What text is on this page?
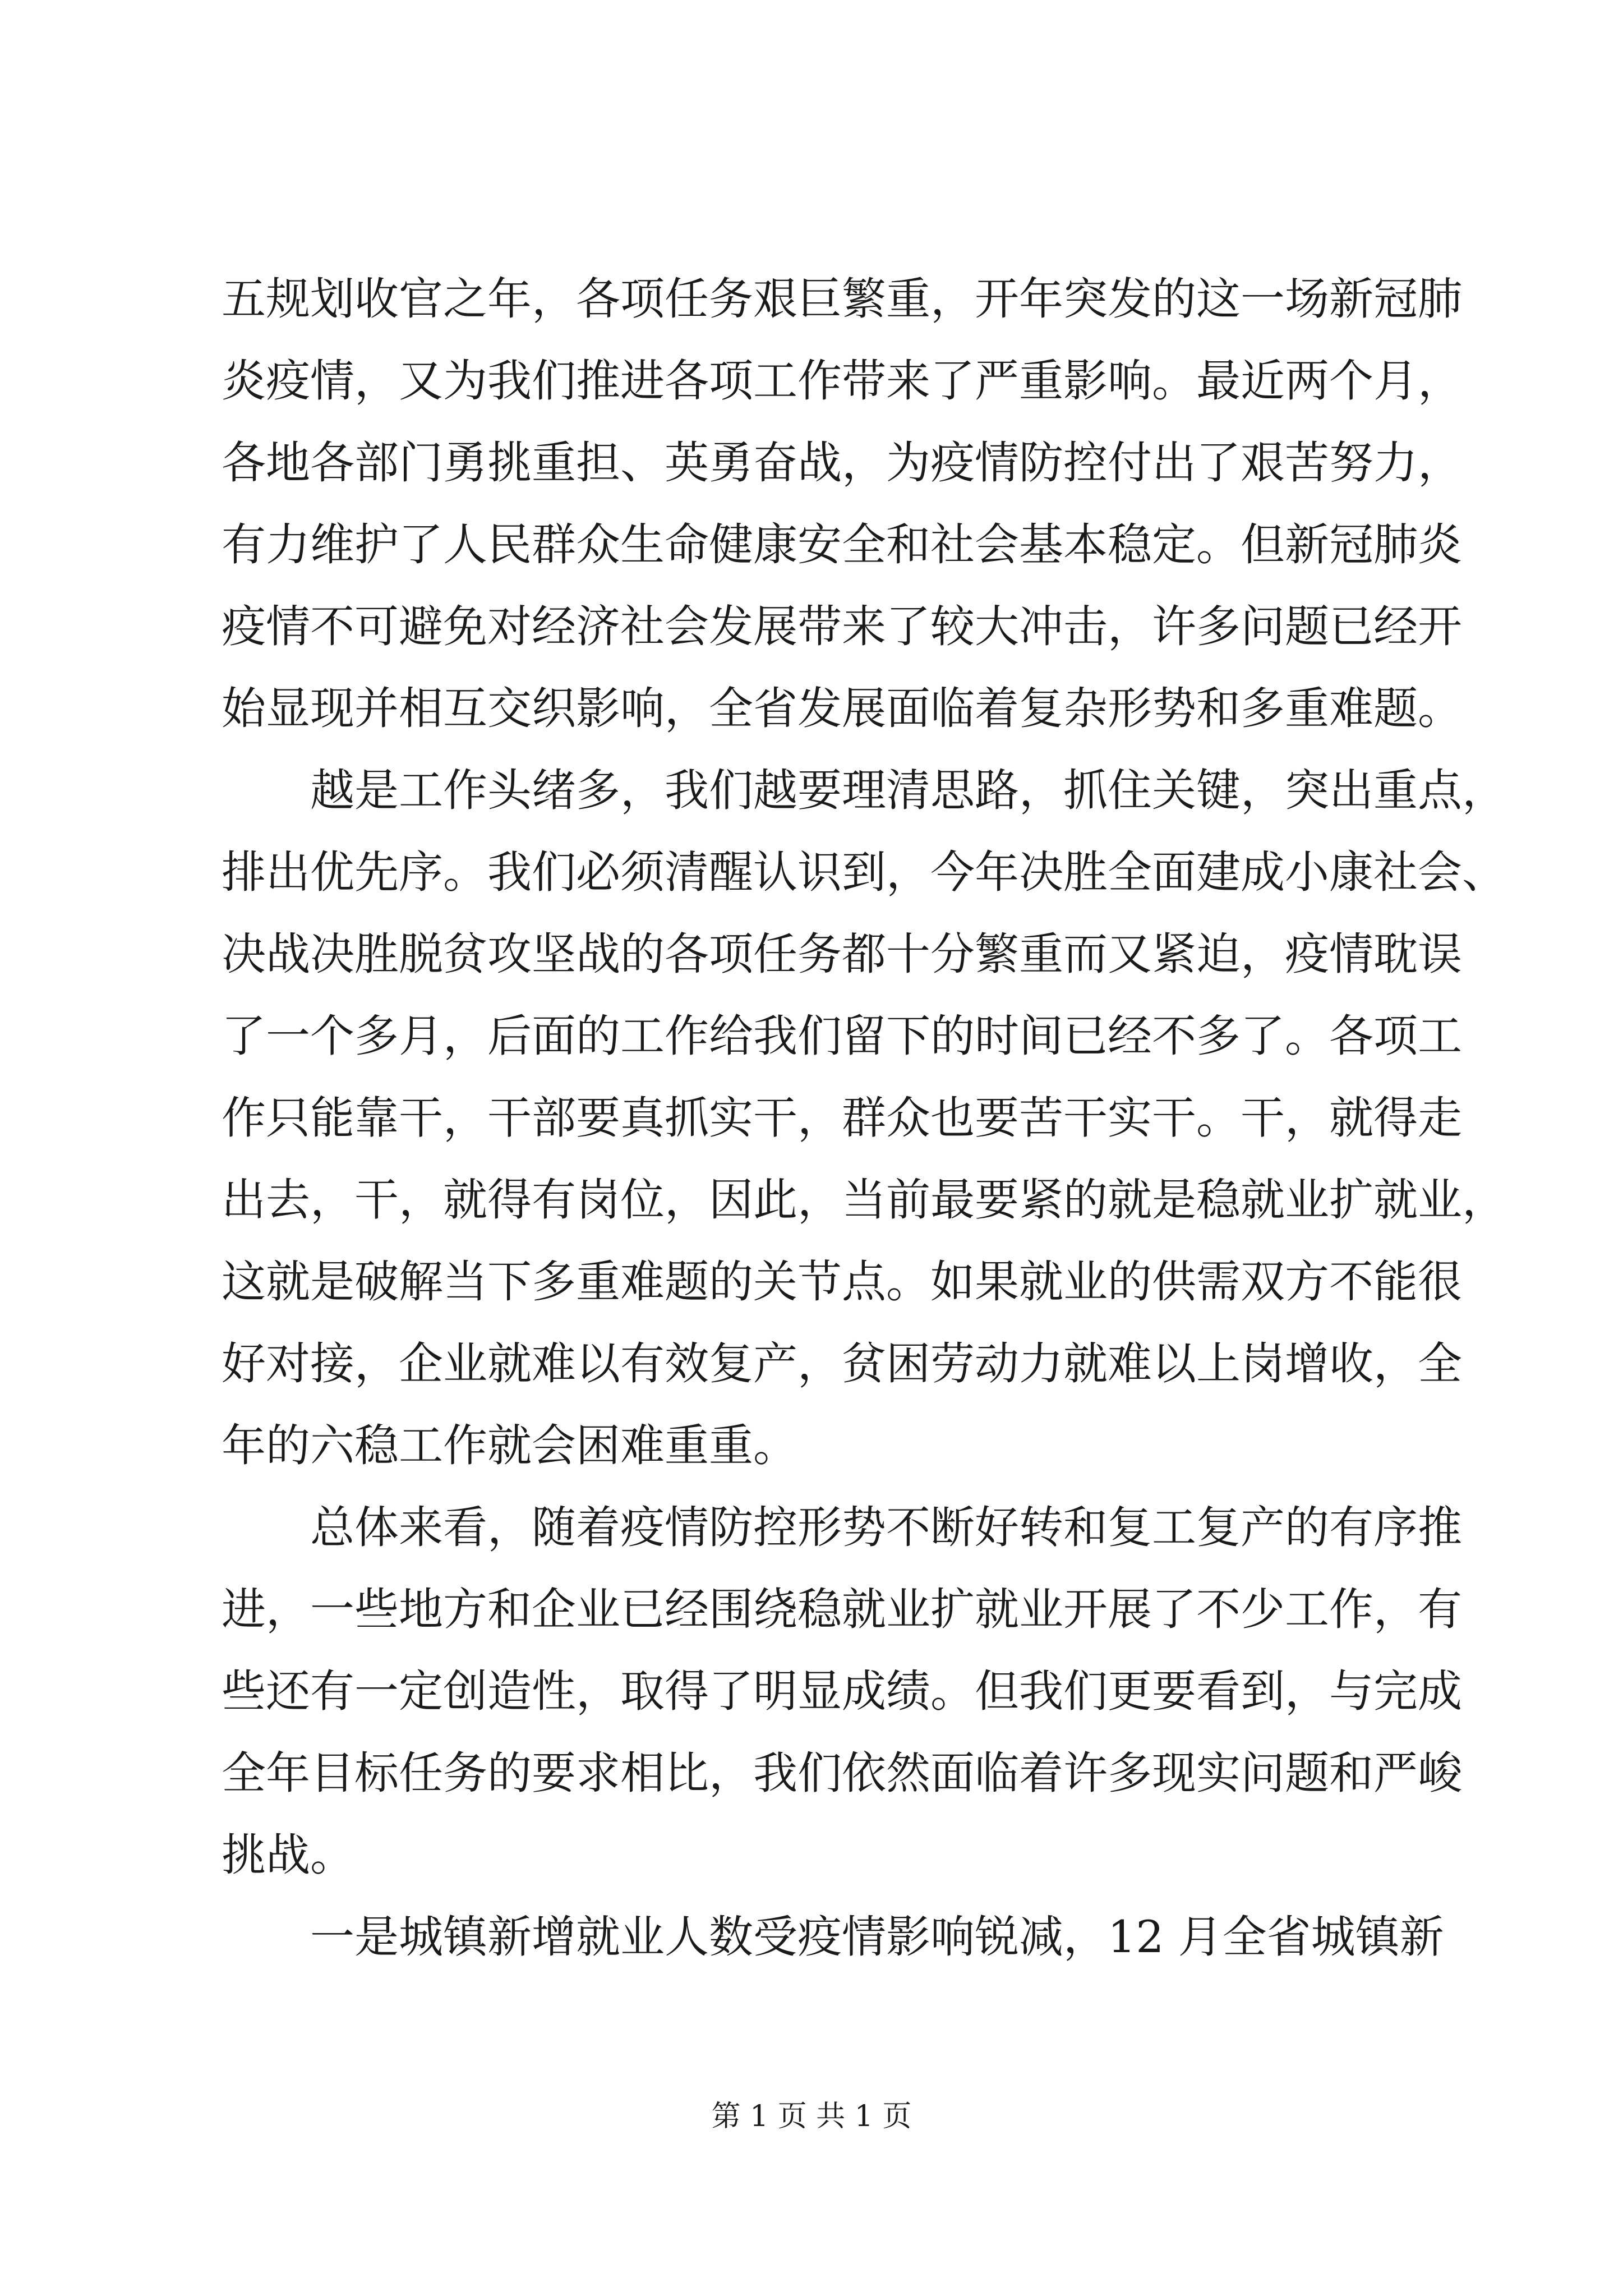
五规划收官之年，各项任务艰巨繁重，开年突发的这一场新冠肺
炎疫情，又为我们推进各项工作带来了严重影响。最近两个月，
各地各部门勇挑重担、英勇奋战，为疫情防控付出了艰苦努力，
有力维护了人民群众生命健康安全和社会基本稳定。但新冠肺炎
疫情不可避免对经济社会发展带来了较大冲击，许多问题已经开
始显现并相互交织影响，全省发展面临着复杂形势和多重难题。
越是工作头绪多，我们越要理清思路，抓住关键，突出重点，
排出优先序。我们必须清醒认识到，今年决胜全面建成小康社会、
决战决胜脱贫攻坚战的各项任务都十分繁重而又紧迫，疫情耽误
了一个多月，后面的工作给我们留下的时间已经不多了。各项工
作只能靠干，干部要真抓实干，群众也要苦干实干。干，就得走
出去，干，就得有岗位，因此，当前最要紧的就是稳就业扩就业，
这就是破解当下多重难题的关节点。如果就业的供需双方不能很
好对接，企业就难以有效复产，贫困劳动力就难以上岗增收，全
年的六稳工作就会困难重重。
总体来看，随着疫情防控形势不断好转和复工复产的有序推
进，一些地方和企业已经围绕稳就业扩就业开展了不少工作，有
些还有一定创造性，取得了明显成绩。但我们更要看到，与完成
全年目标任务的要求相比，我们依然面临着许多现实问题和严峻
挑战。
一是城镇新增就业人数受疫情影响锐减，12 月全省城镇新
第 1 页 共 1 页
